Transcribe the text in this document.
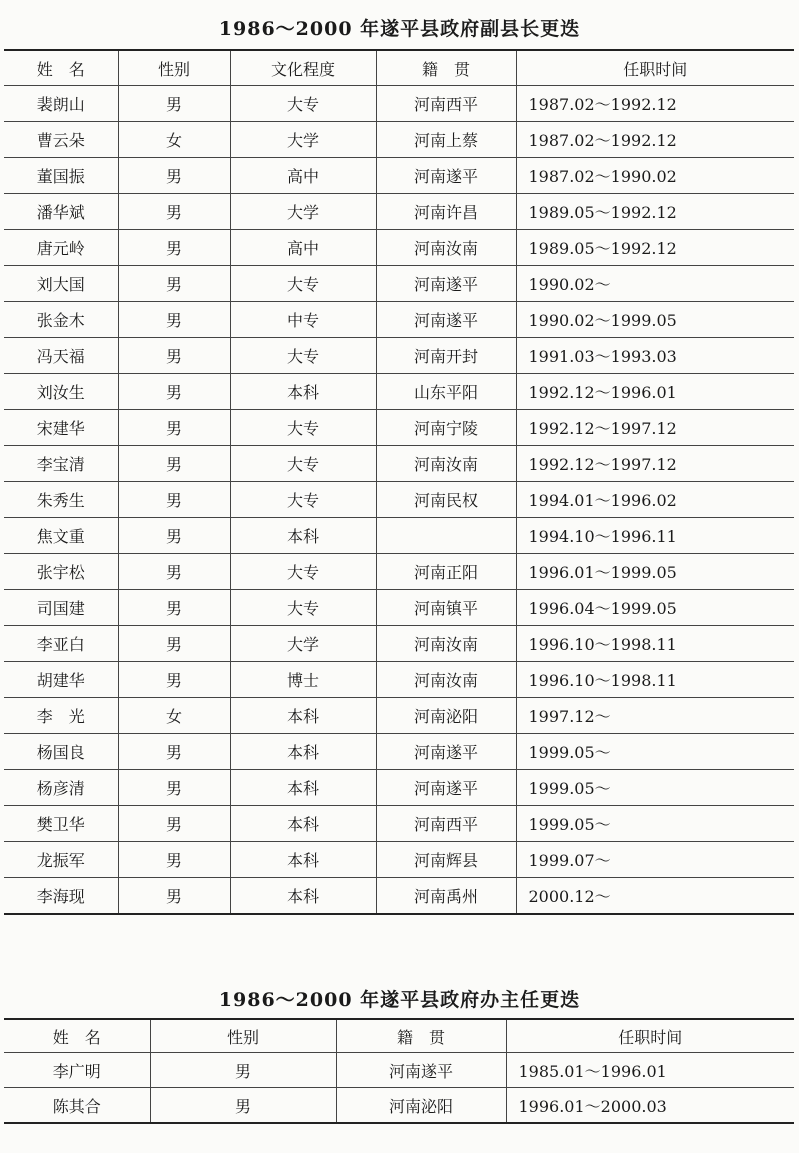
1986～2000 年遂平县政府副县长更迭
姓　名	性别	文化程度	籍　贯	任职时间
裴朗山	男	大专	河南西平	1987.02～1992.12
曹云朵	女	大学	河南上蔡	1987.02～1992.12
董国振	男	高中	河南遂平	1987.02～1990.02
潘华斌	男	大学	河南许昌	1989.05～1992.12
唐元岭	男	高中	河南汝南	1989.05～1992.12
刘大国	男	大专	河南遂平	1990.02～
张金木	男	中专	河南遂平	1990.02～1999.05
冯天福	男	大专	河南开封	1991.03～1993.03
刘汝生	男	本科	山东平阳	1992.12～1996.01
宋建华	男	大专	河南宁陵	1992.12～1997.12
李宝清	男	大专	河南汝南	1992.12～1997.12
朱秀生	男	大专	河南民权	1994.01～1996.02
焦文重	男	本科		1994.10～1996.11
张宇松	男	大专	河南正阳	1996.01～1999.05
司国建	男	大专	河南镇平	1996.04～1999.05
李亚白	男	大学	河南汝南	1996.10～1998.11
胡建华	男	博士	河南汝南	1996.10～1998.11
李　光	女	本科	河南泌阳	1997.12～
杨国良	男	本科	河南遂平	1999.05～
杨彦清	男	本科	河南遂平	1999.05～
樊卫华	男	本科	河南西平	1999.05～
龙振军	男	本科	河南辉县	1999.07～
李海现	男	本科	河南禹州	2000.12～
1986～2000 年遂平县政府办主任更迭
姓　名	性别	籍　贯	任职时间
李广明	男	河南遂平	1985.01～1996.01
陈其合	男	河南泌阳	1996.01～2000.03
